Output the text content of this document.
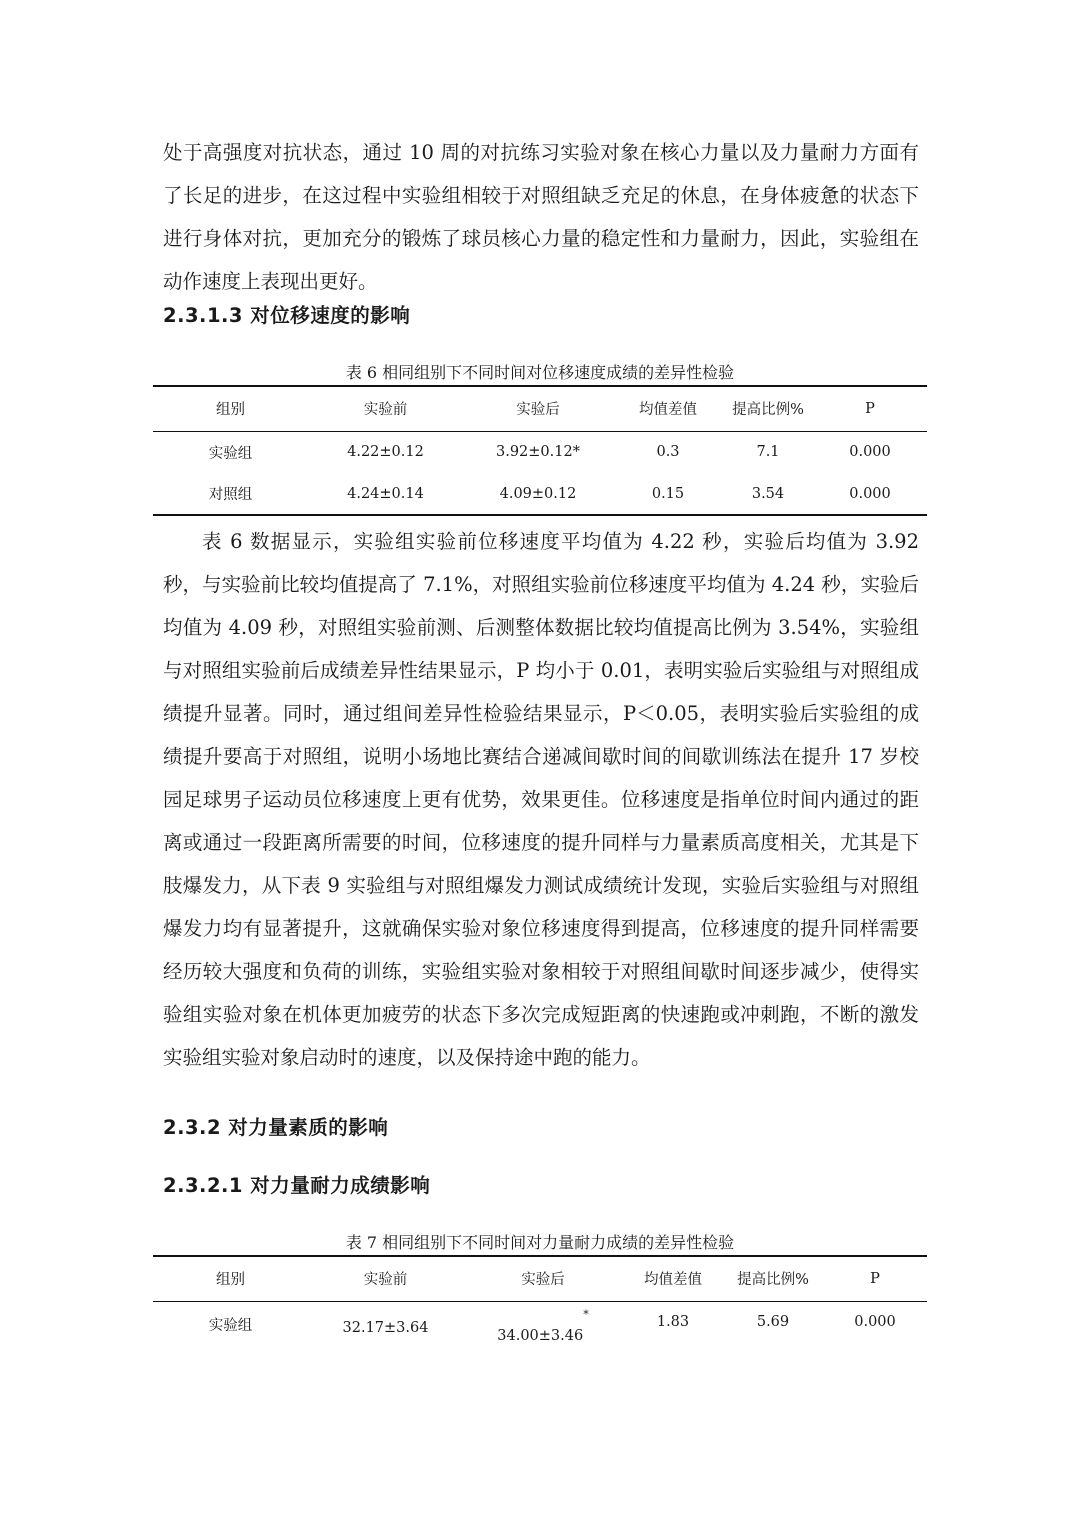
处于高强度对抗状态，通过 10 周的对抗练习实验对象在核心力量以及力量耐力方面有了长足的进步，在这过程中实验组相较于对照组缺乏充足的休息，在身体疲惫的状态下进行身体对抗，更加充分的锻炼了球员核心力量的稳定性和力量耐力，因此，实验组在动作速度上表现出更好。

2.3.1.3 对位移速度的影响

表 6 相同组别下不同时间对位移速度成绩的差异性检验

组别	实验前	实验后	均值差值	提高比例%	P
实验组	4.22±0.12	3.92±0.12*	0.3	7.1	0.000
对照组	4.24±0.14	4.09±0.12	0.15	3.54	0.000

表 6 数据显示，实验组实验前位移速度平均值为 4.22 秒，实验后均值为 3.92 秒，与实验前比较均值提高了 7.1%，对照组实验前位移速度平均值为 4.24 秒，实验后均值为 4.09 秒，对照组实验前测、后测整体数据比较均值提高比例为 3.54%，实验组与对照组实验前后成绩差异性结果显示，P 均小于 0.01，表明实验后实验组与对照组成绩提升显著。同时，通过组间差异性检验结果显示，P＜0.05，表明实验后实验组的成绩提升要高于对照组，说明小场地比赛结合递减间歇时间的间歇训练法在提升 17 岁校园足球男子运动员位移速度上更有优势，效果更佳。位移速度是指单位时间内通过的距离或通过一段距离所需要的时间，位移速度的提升同样与力量素质高度相关，尤其是下肢爆发力，从下表 9 实验组与对照组爆发力测试成绩统计发现，实验后实验组与对照组爆发力均有显著提升，这就确保实验对象位移速度得到提高，位移速度的提升同样需要经历较大强度和负荷的训练，实验组实验对象相较于对照组间歇时间逐步减少，使得实验组实验对象在机体更加疲劳的状态下多次完成短距离的快速跑或冲刺跑，不断的激发实验组实验对象启动时的速度，以及保持途中跑的能力。

2.3.2 对力量素质的影响

2.3.2.1 对力量耐力成绩影响

表 7 相同组别下不同时间对力量耐力成绩的差异性检验

组别	实验前	实验后	均值差值	提高比例%	P
实验组	32.17±3.64	34.00±3.46*	1.83	5.69	0.000
